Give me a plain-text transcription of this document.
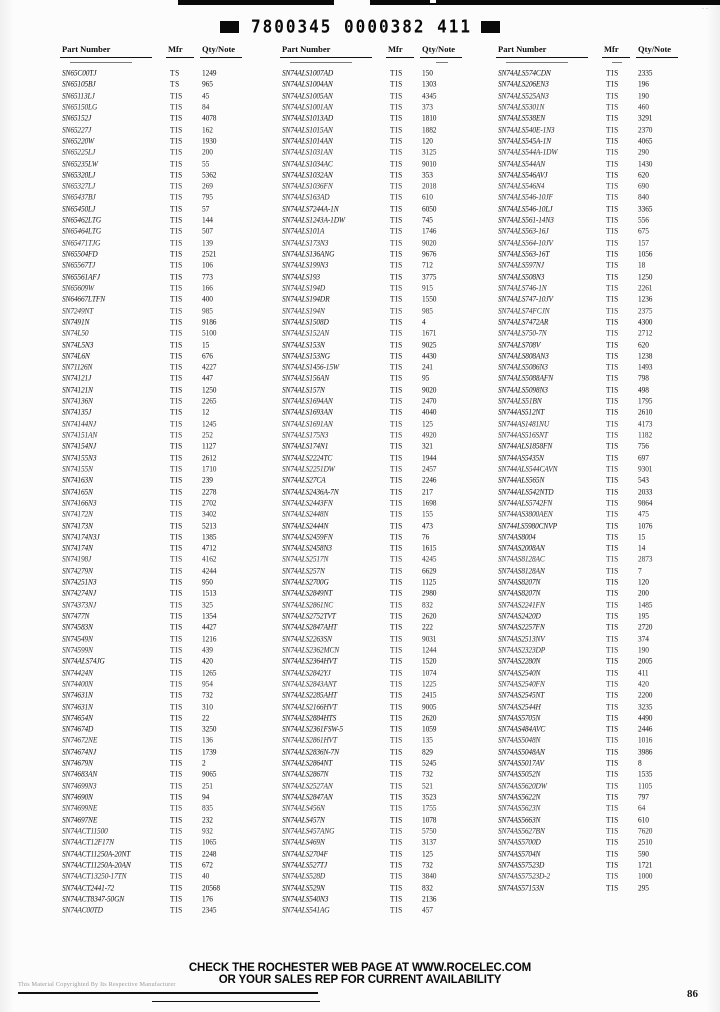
··
7800345 0000382 411
Part Number	Mfr Qty/Note
SN65C00TJ	TS	1249
SN65105BJ	TS	965
SN65113LJ	TIS	45
SN65150LG	TIS	84
SN65152J	TIS	4078
SN65227J	TIS	162
SN65220W	TIS	1930
SN65225LJ	TIS	200
SN65235LW	TIS	55
SN65320LJ	TIS	5362
SN65327LJ	TIS	269
SN65437BJ	TIS	795
SN65450LJ	TIS	57
SN65462LTG	TIS	144
SN65464LTG	TIS	507
SN65471TJG	TIS	139
SN65504FD	TIS	2521
SN65567TJ	TIS	106
SN65561AFJ	TIS	773
SN65609W	TIS	166
SN64667LTFN	TIS	400
SN7249NT	TIS	985
SN7491N	TIS	9186
SN74L50	TIS	5100
SN74L5N3	TIS	15
SN74L6N	TIS	676
SN71126N	TIS	4227
SN74121J	TIS	447
SN74121N	TIS	1250
SN74136N	TIS	2265
SN74135J	TIS	12
SN74144NJ	TIS	1245
SN74151AN	TIS	252
SN74154NJ	TIS	1127
SN74155N3	TIS	2612
SN74155N	TIS	1710
SN74163N	TIS	239
SN74165N	TIS	2278
SN74166N3	TIS	2702
SN74172N	TIS	3402
SN74173N	TIS	5213
SN74174N3J	TIS	1385
SN74174N	TIS	4712
SN74198J	TIS	4162
SN74279N	TIS	4244
SN74251N3	TIS	950
SN74274NJ	TIS	1513
SN74373NJ	TIS	325
SN7477N	TIS	1354
SN74583N	TIS	4427
SN74549N	TIS	1216
SN74599N	TIS	439
SN74ALS74JG	TIS	420
SN74424N	TIS	1265
SN74400N	TIS	954
SN74631N	TIS	732
SN74631N	TIS	310
SN74654N	TIS	22
SN74674D	TIS	3250
SN74672NE	TIS	136
SN74674NJ	TIS	1739
SN74679N	TIS	2
SN74683AN	TIS	9065
SN74699N3	TIS	251
SN74690N	TIS	94
SN74699NE	TIS	835
SN74697NE	TIS	232
SN74ACT11500	TIS	932
SN74ACT12F17N	TIS	1065
SN74ACT11250A-20NT	TIS	2248
SN74ACT11250A-20AN	TIS	672
SN74ACT13250-17TN	TIS	40
SN74ACT2441-72	TIS	20568
SN74ACT8347-50GN	TIS	176
SN74AC00TD	TIS	2345
Part Number	Mfr Qty/Note
SN74ALS1007AD	TIS	150
SN74ALS1004AN	TIS	1303
SN74ALS1005AN	TIS	4345
SN74ALS1001AN	TIS	373
SN74ALS1013AD	TIS	1810
SN74ALS1015AN	TIS	1882
SN74ALS1014AN	TIS	120
SN74ALS1031AN	TIS	3125
SN74ALS1034AC	TIS	9010
SN74ALS1032AN	TIS	353
SN74ALS1036FN	TIS	2018
SN74ALS163AD	TIS	610
SN74ALS7244A-1N	TIS	6050
SN74ALS1243A-1DW	TIS	745
SN74ALS101A	TIS	1746
SN74ALS173N3	TIS	9020
SN74ALS136ANG	TIS	9676
SN74ALS199N3	TIS	712
SN74ALS193	TIS	3775
SN74ALS194D	TIS	915
SN74ALS194DR	TIS	1550
SN74ALS194N	TIS	985
SN74ALS1508D	TIS	4
SN74ALS152AN	TIS	1671
SN74ALS153N	TIS	9025
SN74ALS153NG	TIS	4430
SN74ALS1456-15W	TIS	241
SN74ALS156AN	TIS	95
SN74ALS157N	TIS	9020
SN74ALS1694AN	TIS	2470
SN74ALS1693AN	TIS	4040
SN74ALS1691AN	TIS	125
SN74ALS175N3	TIS	4920
SN74ALS174N1	TIS	321
SN74ALS2224TC	TIS	1944
SN74ALS2251DW	TIS	2457
SN74ALS27CA	TIS	2246
SN74ALS2436A-7N	TIS	217
SN74ALS2443FN	TIS	1698
SN74ALS2448N	TIS	155
SN74ALS2444N	TIS	473
SN74ALS2459FN	TIS	76
SN74ALS2458N3	TIS	1615
SN74ALS2517N	TIS	4245
SN74ALS257N	TIS	6629
SN74ALS2700G	TIS	1125
SN74ALS2849NT	TIS	2980
SN74ALS2861NC	TIS	832
SN74ALS2752TVT	TIS	2620
SN74ALS2847AHT	TIS	222
SN74ALS2263SN	TIS	9031
SN74ALS2362MCN	TIS	1244
SN74ALS2364HVT	TIS	1520
SN74ALS2842YJ	TIS	1074
SN74ALS2843ANT	TIS	1225
SN74ALS2285AHT	TIS	2415
SN74ALS2166HVT	TIS	9005
SN74ALS2884HTS	TIS	2620
SN74ALS2361FSW-5	TIS	1059
SN74ALS2861HVT	TIS	135
SN74ALS2836N-7N	TIS	829
SN74ALS2864NT	TIS	5245
SN74ALS2867N	TIS	732
SN74ALS2527AN	TIS	521
SN74ALS2847AN	TIS	3523
SN74ALS456N	TIS	1755
SN74ALS457N	TIS	1078
SN74ALS457ANG	TIS	5750
SN74ALS469N	TIS	3137
SN74ALS2704F	TIS	125
SN74ALS527TJ	TIS	732
SN74ALS528D	TIS	3840
SN74ALS529N	TIS	832
SN74ALS540N3	TIS	2136
SN74ALS541AG	TIS	457
Part Number	Mfr Qty/Note
SN74ALS574CDN	TIS	2335
SN74ALS206EN3	TIS	196
SN74ALS525AN3	TIS	190
SN74ALS5301N	TIS	460
SN74ALS538EN	TIS	3291
SN74ALS540E-1N3	TIS	2370
SN74ALS545A-1N	TIS	4065
SN74ALS544A-1DW	TIS	290
SN74ALS544AN	TIS	1430
SN74ALS546AVJ	TIS	620
SN74ALS546N4	TIS	690
SN74ALS546-10JF	TIS	840
SN74ALS546-10LJ	TIS	3365
SN74ALS561-14N3	TIS	556
SN74ALS563-16J	TIS	675
SN74ALS564-10JV	TIS	157
SN74ALS563-16T	TIS	1056
SN74ALS597NJ	TIS	18
SN74ALS508N3	TIS	1250
SN74ALS746-1N	TIS	2261
SN74ALS747-10JV	TIS	1236
SN74ALS74FCJN	TIS	2375
SN74ALS7472AR	TIS	4300
SN74ALS750-7N	TIS	2712
SN74ALS708V	TIS	620
SN74ALS808AN3	TIS	1238
SN74ALS5086N3	TIS	1493
SN74ALS5088AFN	TIS	798
SN74ALS5098N3	TIS	498
SN74ALS51BN	TIS	1795
SN744AS512NT	TIS	2610
SN744AS1481NU	TIS	4173
SN744AS516SNT	TIS	1182
SN744ALS1858FN	TIS	756
SN744AS5435N	TIS	697
SN744ALS544CAVN	TIS	9301
SN744ALS565N	TIS	543
SN744ALS542NTD	TIS	2033
SN744ALS5742FN	TIS	9864
SN744AS3800AEN	TIS	475
SN744LS5980CNVP	TIS	1076
SN74AS8004	TIS	15
SN74AS2008AN	TIS	14
SN74AS8128AC	TIS	2873
SN74AS8128AN	TIS	7
SN74AS8207N	TIS	120
SN74AS8207N	TIS	200
SN74AS2241FN	TIS	1485
SN74AS2420D	TIS	195
SN74AS2257FN	TIS	2720
SN74AS2513NV	TIS	374
SN74AS2323DP	TIS	190
SN74AS2280N	TIS	2005
SN74AS2540N	TIS	411
SN74AS2540FN	TIS	420
SN74AS2545NT	TIS	2200
SN74AS2544H	TIS	3235
SN74AS5705N	TIS	4490
SN74AS484AVC	TIS	2446
SN74AS5048N	TIS	1016
SN74AS5048AN	TIS	3986
SN74AS5017AV	TIS	8
SN74AS5052N	TIS	1535
SN74AS5620DW	TIS	1105
SN74AS5622N	TIS	797
SN74AS5623N	TIS	64
SN74AS5663N	TIS	610
SN74AS5627BN	TIS	7620
SN74AS5700D	TIS	2510
SN74AS5704N	TIS	590
SN74AS57523D	TIS	1721
SN74AS57523D-2	TIS	1000
SN74AS57153N	TIS	295
CHECK THE ROCHESTER WEB PAGE AT WWW.ROCELEC.COM
OR YOUR SALES REP FOR CURRENT AVAILABILITY
This Material Copyrighted By Its Respective Manufacturer
86
